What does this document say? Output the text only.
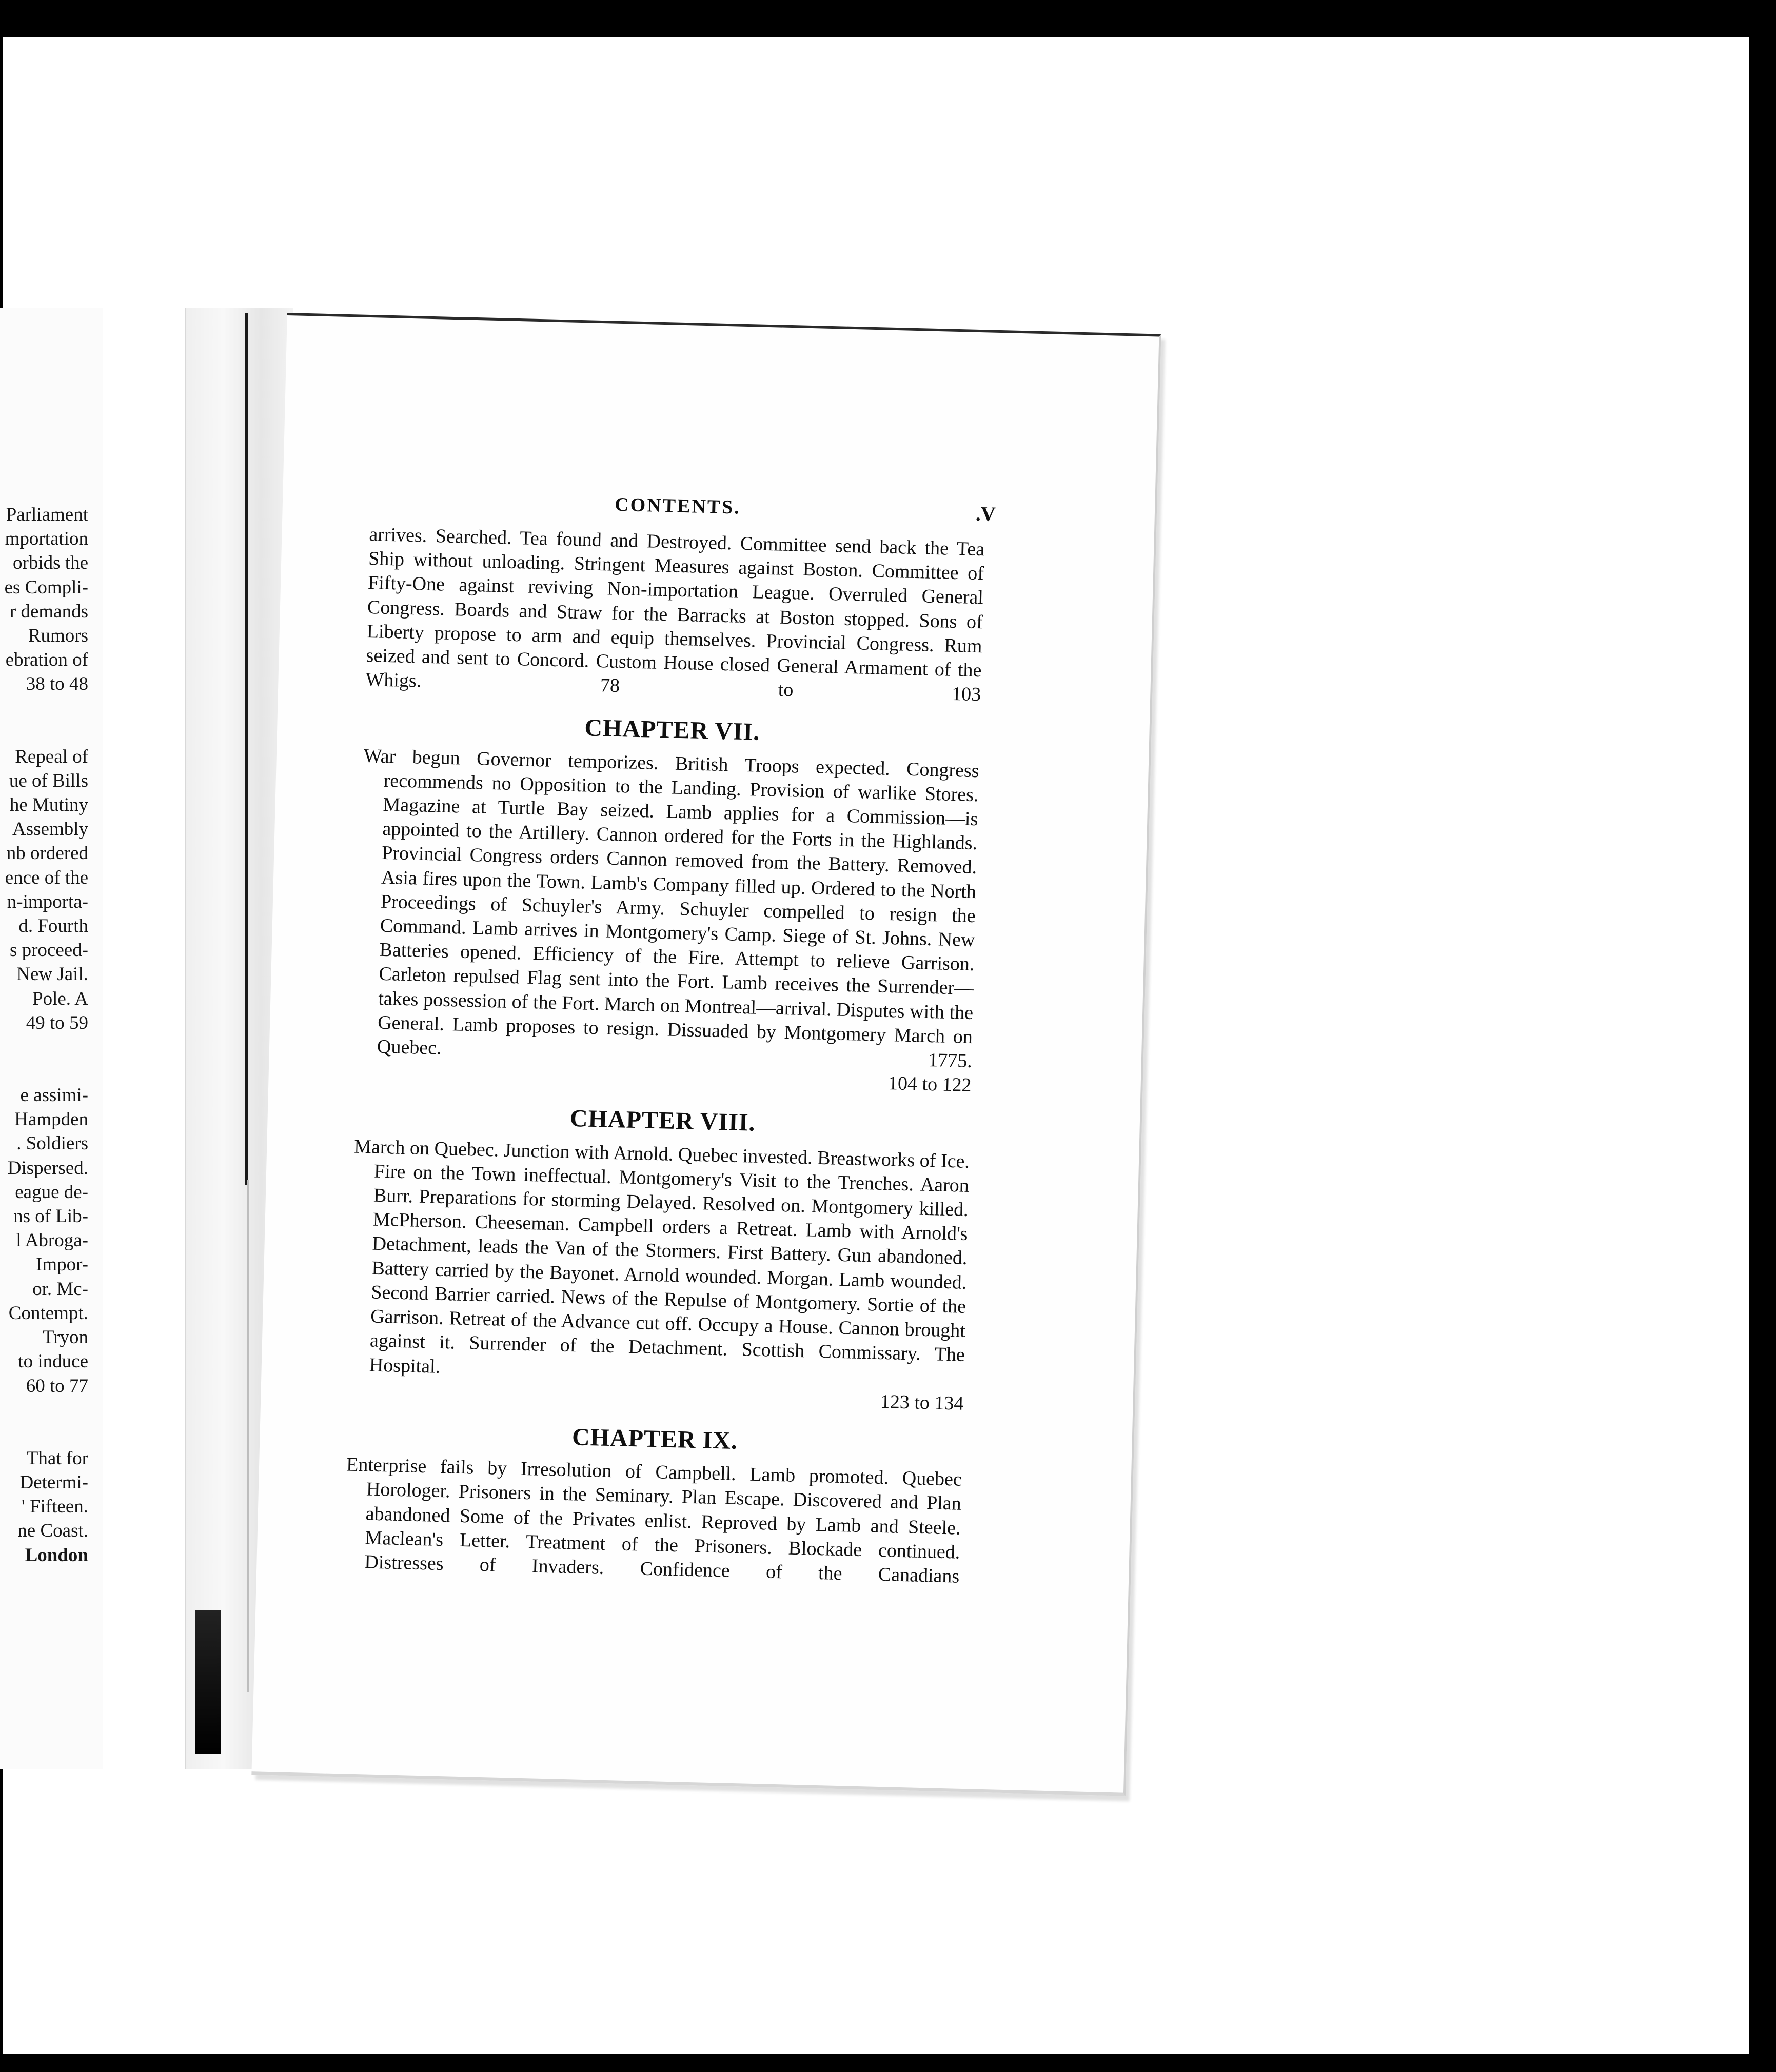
Parliament
mportation
orbids the
es Compli-
r demands
Rumors
ebration of
38 to 48
Repeal of
ue of Bills
he Mutiny
Assembly
nb ordered
ence of the
n-importa-
d. Fourth
s proceed-
New Jail.
Pole. A
49 to 59
e assimi-
Hampden
. Soldiers
Dispersed.
eague de-
ns of Lib-
l Abroga-
Impor-
or. Mc-
Contempt.
Tryon
to induce
60 to 77
That for
Determi-
' Fifteen.
ne Coast.
London
CONTENTS.	.V

arrives. Searched. Tea found and Destroyed. Committee send back the Tea Ship without unloading. Stringent Measures against Boston. Committee of Fifty-One against reviving Non-importation League. Overruled General Congress. Boards and Straw for the Barracks at Boston stopped. Sons of Liberty propose to arm and equip themselves. Provincial Congress. Rum seized and sent to Concord. Custom House closed General Armament of the Whigs.	78 to 103

CHAPTER VII.

War begun Governor temporizes. British Troops expected. Congress recommends no Opposition to the Landing. Provision of warlike Stores. Magazine at Turtle Bay seized. Lamb applies for a Commission—is appointed to the Artillery. Cannon ordered for the Forts in the Highlands. Provincial Congress orders Cannon removed from the Battery. Removed. Asia fires upon the Town. Lamb's Company filled up. Ordered to the North Proceedings of Schuyler's Army. Schuyler compelled to resign the Command. Lamb arrives in Montgomery's Camp. Siege of St. Johns. New Batteries opened. Efficiency of the Fire. Attempt to relieve Garrison. Carleton repulsed Flag sent into the Fort. Lamb receives the Surrender—takes possession of the Fort. March on Montreal—arrival. Disputes with the General. Lamb proposes to resign. Dissuaded by Montgomery March on Quebec. 1775.

104 to 122

CHAPTER VIII.

March on Quebec. Junction with Arnold. Quebec invested. Breastworks of Ice. Fire on the Town ineffectual. Montgomery's Visit to the Trenches. Aaron Burr. Preparations for storming Delayed. Resolved on. Montgomery killed. McPherson. Cheeseman. Campbell orders a Retreat. Lamb with Arnold's Detachment, leads the Van of the Stormers. First Battery. Gun abandoned. Battery carried by the Bayonet. Arnold wounded. Morgan. Lamb wounded. Second Barrier carried. News of the Repulse of Montgomery. Sortie of the Garrison. Retreat of the Advance cut off. Occupy a House. Cannon brought against it. Surrender of the Detachment. Scottish Commissary. The Hospital.

123 to 134

CHAPTER IX.

Enterprise fails by Irresolution of Campbell. Lamb promoted. Quebec Horologer. Prisoners in the Seminary. Plan Escape. Discovered and Plan abandoned Some of the Privates enlist. Reproved by Lamb and Steele. Maclean's Letter. Treatment of the Prisoners. Blockade continued. Distresses of Invaders. Confidence of the Canadians
